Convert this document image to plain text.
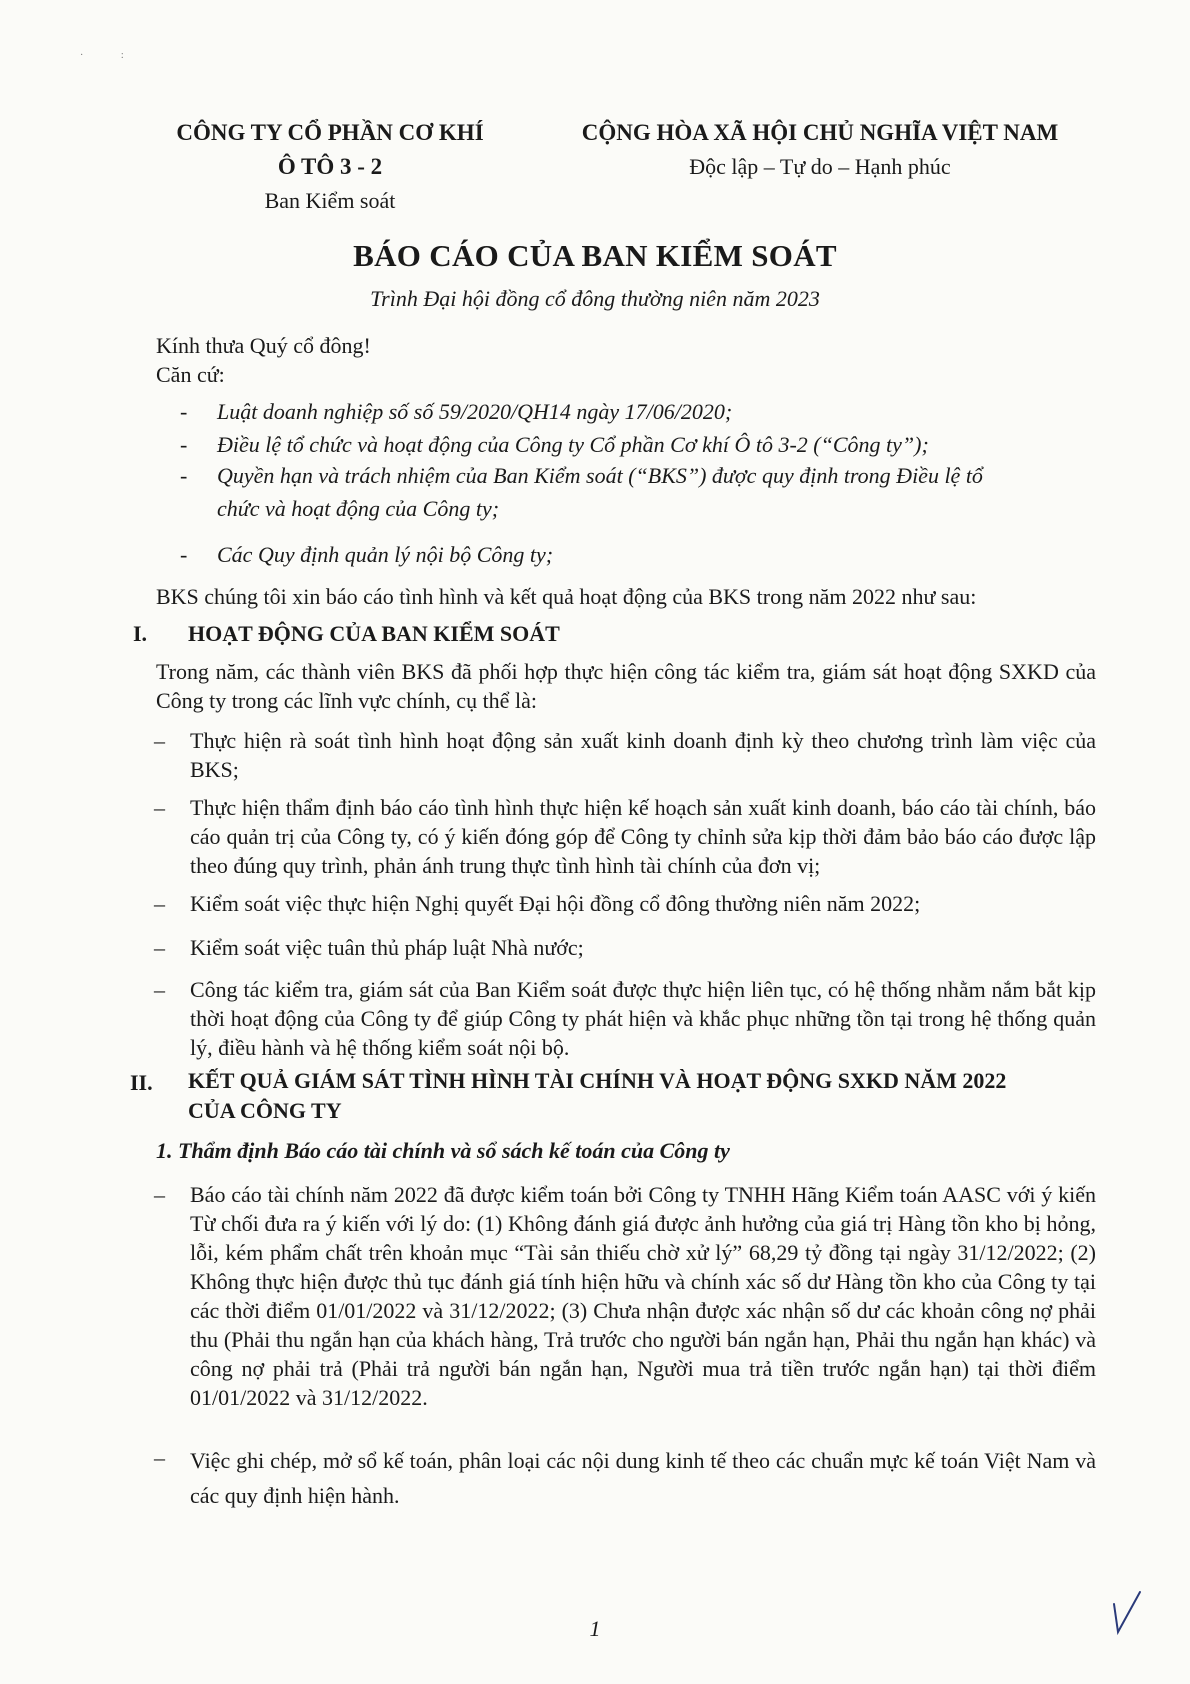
·               :
CÔNG TY CỔ PHẦN CƠ KHÍ
Ô TÔ 3 - 2
Ban Kiểm soát
CỘNG HÒA XÃ HỘI CHỦ NGHĨA VIỆT NAM
Độc lập – Tự do – Hạnh phúc
BÁO CÁO CỦA BAN KIỂM SOÁT
Trình Đại hội đồng cổ đông thường niên năm 2023
Kính thưa Quý cổ đông!
Căn cứ:
- Luật doanh nghiệp số số 59/2020/QH14 ngày 17/06/2020;
- Điều lệ tổ chức và hoạt động của Công ty Cổ phần Cơ khí Ô tô 3-2 (“Công ty”);
- Quyền hạn và trách nhiệm của Ban Kiểm soát (“BKS”) được quy định trong Điều lệ tổ
chức và hoạt động của Công ty;
- Các Quy định quản lý nội bộ Công ty;
BKS chúng tôi xin báo cáo tình hình và kết quả hoạt động của BKS trong năm 2022 như sau:
I. HOẠT ĐỘNG CỦA BAN KIỂM SOÁT
Trong năm, các thành viên BKS đã phối hợp thực hiện công tác kiểm tra, giám sát hoạt động SXKD của Công ty trong các lĩnh vực chính, cụ thể là:
– Thực hiện rà soát tình hình hoạt động sản xuất kinh doanh định kỳ theo chương trình làm việc của BKS;
– Thực hiện thẩm định báo cáo tình hình thực hiện kế hoạch sản xuất kinh doanh, báo cáo tài chính, báo cáo quản trị của Công ty, có ý kiến đóng góp để Công ty chỉnh sửa kịp thời đảm bảo báo cáo được lập theo đúng quy trình, phản ánh trung thực tình hình tài chính của đơn vị;
– Kiểm soát việc thực hiện Nghị quyết Đại hội đồng cổ đông thường niên năm 2022;
– Kiểm soát việc tuân thủ pháp luật Nhà nước;
– Công tác kiểm tra, giám sát của Ban Kiểm soát được thực hiện liên tục, có hệ thống nhằm nắm bắt kịp thời hoạt động của Công ty để giúp Công ty phát hiện và khắc phục những tồn tại trong hệ thống quản lý, điều hành và hệ thống kiểm soát nội bộ.
II. KẾT QUẢ GIÁM SÁT TÌNH HÌNH TÀI CHÍNH VÀ HOẠT ĐỘNG SXKD NĂM 2022
CỦA CÔNG TY
1. Thẩm định Báo cáo tài chính và sổ sách kế toán của Công ty
– Báo cáo tài chính năm 2022 đã được kiểm toán bởi Công ty TNHH Hãng Kiểm toán AASC với ý kiến Từ chối đưa ra ý kiến với lý do: (1) Không đánh giá được ảnh hưởng của giá trị Hàng tồn kho bị hỏng, lỗi, kém phẩm chất trên khoản mục “Tài sản thiếu chờ xử lý” 68,29 tỷ đồng tại ngày 31/12/2022; (2) Không thực hiện được thủ tục đánh giá tính hiện hữu và chính xác số dư Hàng tồn kho của Công ty tại các thời điểm 01/01/2022 và 31/12/2022; (3) Chưa nhận được xác nhận số dư các khoản công nợ phải thu (Phải thu ngắn hạn của khách hàng, Trả trước cho người bán ngắn hạn, Phải thu ngắn hạn khác) và công nợ phải trả (Phải trả người bán ngắn hạn, Người mua trả tiền trước ngắn hạn) tại thời điểm 01/01/2022 và 31/12/2022.
– Việc ghi chép, mở sổ kế toán, phân loại các nội dung kinh tế theo các chuẩn mực kế toán Việt Nam và các quy định hiện hành.
1
